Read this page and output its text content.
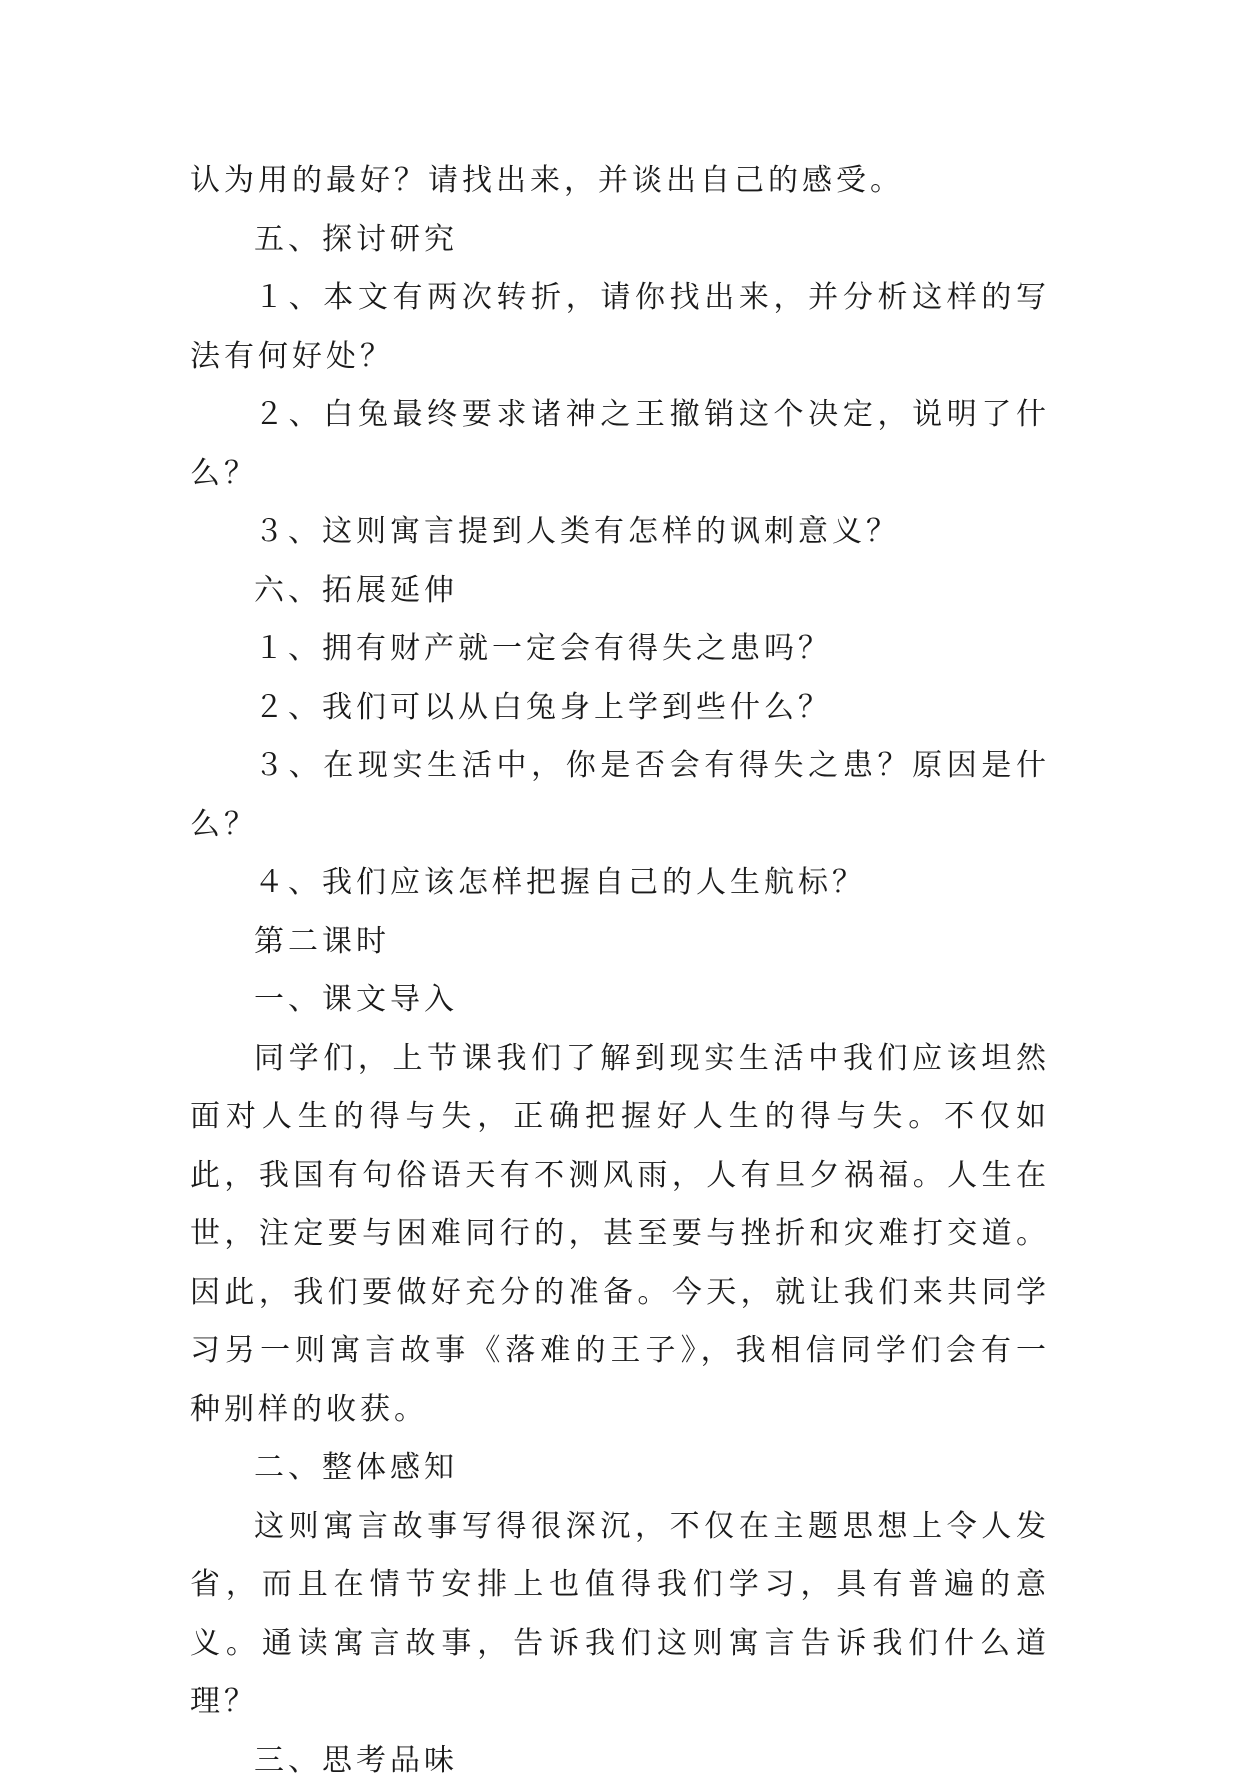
认为用的最好？请找出来，并谈出自己的感受。

五、探讨研究

１、本文有两次转折，请你找出来，并分析这样的写法有何好处？

２、白兔最终要求诸神之王撤销这个决定，说明了什么？

３、这则寓言提到人类有怎样的讽刺意义？

六、拓展延伸

１、拥有财产就一定会有得失之患吗？

２、我们可以从白兔身上学到些什么？

３、在现实生活中，你是否会有得失之患？原因是什么？

４、我们应该怎样把握自己的人生航标？

第二课时

一、课文导入

同学们，上节课我们了解到现实生活中我们应该坦然面对人生的得与失，正确把握好人生的得与失。不仅如此，我国有句俗语天有不测风雨，人有旦夕祸福。人生在世，注定要与困难同行的，甚至要与挫折和灾难打交道。因此，我们要做好充分的准备。今天，就让我们来共同学习另一则寓言故事《落难的王子》，我相信同学们会有一种别样的收获。

二、整体感知

这则寓言故事写得很深沉，不仅在主题思想上令人发省，而且在情节安排上也值得我们学习，具有普遍的意义。通读寓言故事，告诉我们这则寓言告诉我们什么道理？

三、思考品味
